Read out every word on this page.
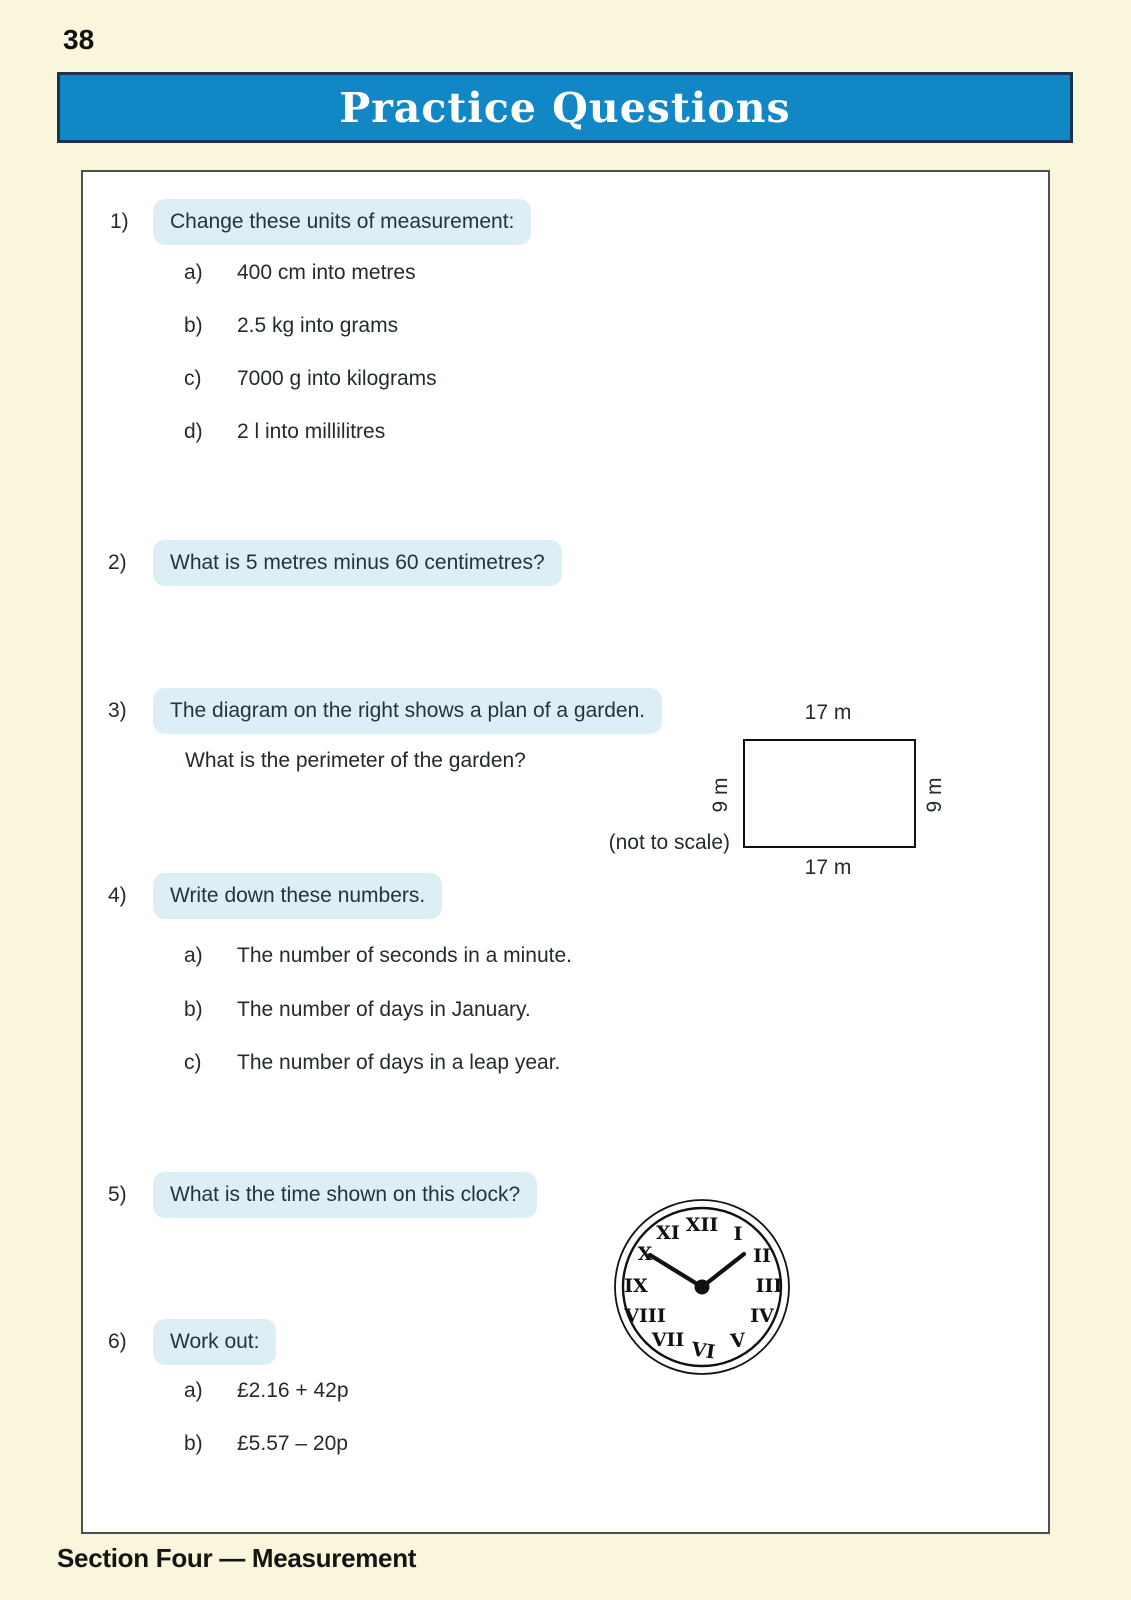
38
Practice Questions
1)	Change these units of measurement:
a) 400 cm into metres
b) 2.5 kg into grams
c) 7000 g into kilograms
d) 2 l into millilitres
2)	What is 5 metres minus 60 centimetres?
3)	The diagram on the right shows a plan of a garden.
What is the perimeter of the garden?
17 m
17 m
9 m	9 m
(not to scale)
4)	Write down these numbers.
a) The number of seconds in a minute.
b) The number of days in January.
c) The number of days in a leap year.
5)	What is the time shown on this clock?
XII I
II
III
IV
V
VI
VII
VIII
IX
X
XI
6)	Work out:
a) £2.16 + 42p
b) £5.57 – 20p
Section Four — Measurement
